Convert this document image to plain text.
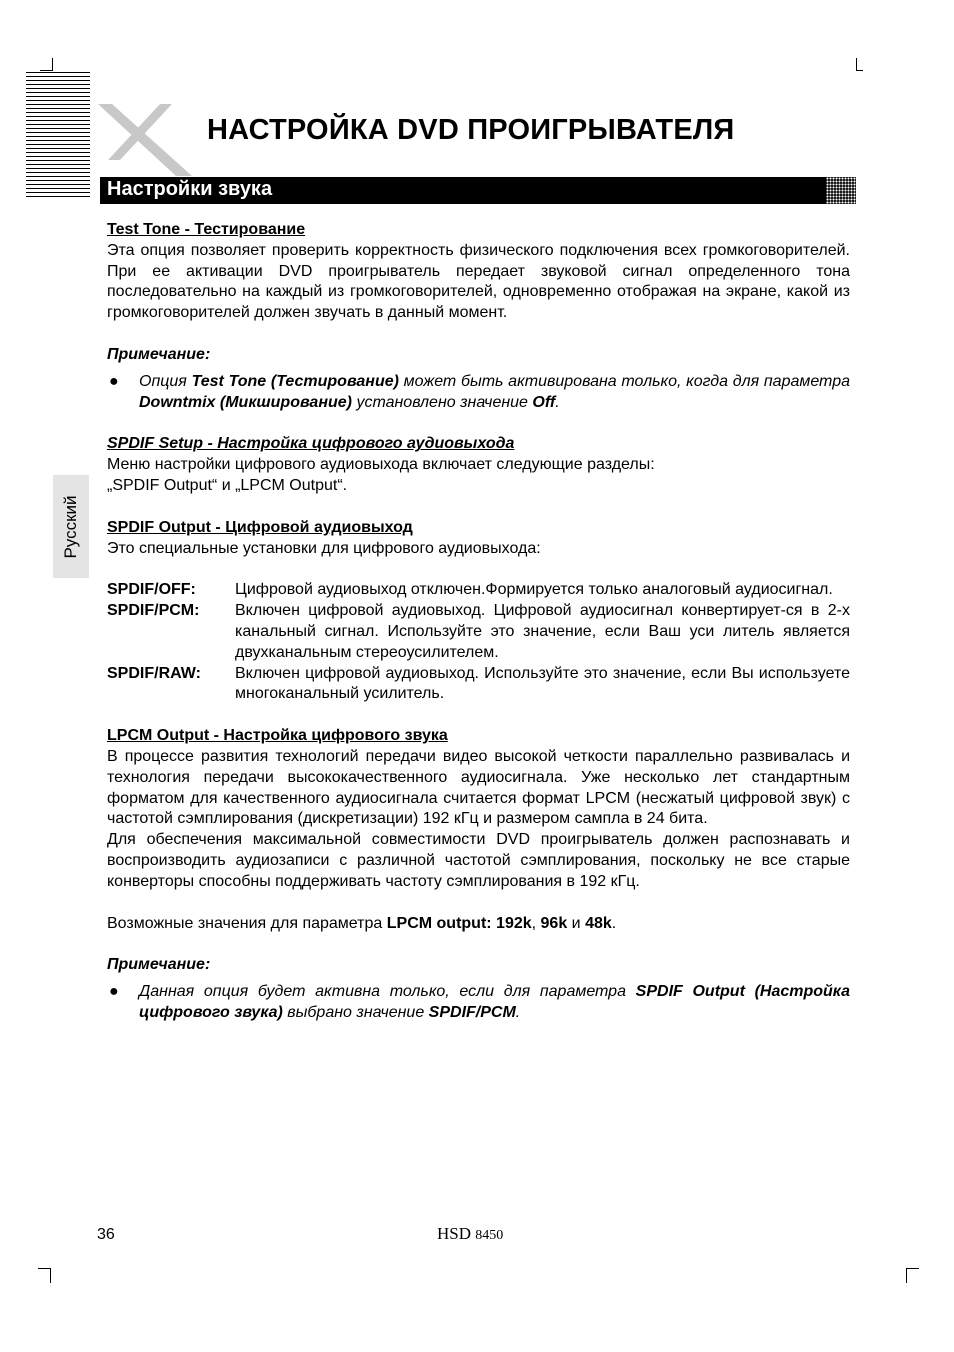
НАСТРОЙКА DVD ПРОИГРЫВАТЕЛЯ
Настройки звука
Русский

Test Tone - Тестирование

Эта опция позволяет проверить корректность физического подключения всех громкоговорителей. При ее активации DVD проигрыватель передает звуковой сигнал определенного тона последовательно на каждый из громкоговорителей, одновременно отображая на экране, какой из громкоговорителей должен звучать в данный момент.

Примечание:

● Опция Test Tone (Тестирование) может быть активирована только, когда для параметра Downtmix (Микширование) установлено значение Off.

SPDIF Setup - Настройка цифрового аудиовыхода

Меню настройки цифрового аудиовыхода включает следующие разделы:

„SPDIF Output“ и „LPCM Output“.

SPDIF Output - Цифровой аудиовыход

Это специальные установки для цифрового аудиовыхода:

SPDIF/OFF:	Цифровой аудиовыход отключен.Формируется только аналоговый аудиосигнал.
SPDIF/PCM:	Включен цифровой аудиовыход. Цифровой аудиосигнал конвертирует-ся в 2-х канальный сигнал. Используйте это значение, если Ваш уси литель является двухканальным стереоусилителем.
SPDIF/RAW:	Включен цифровой аудиовыход. Используйте это значение, если Вы используете многоканальный усилитель.

LPCM Output - Настройка цифрового звука

В процессе развития технологий передачи видео высокой четкости параллельно развивалась и технология передачи высококачественного аудиосигнала. Уже несколько лет стандартным форматом для качественного аудиосигнала считается формат LPCM (несжатый цифровой звук) с частотой сэмплирования (дискретизации) 192 кГц и размером сампла в 24 бита.

Для обеспечения максимальной совместимости DVD проигрыватель должен распознавать и воспроизводить аудиозаписи с различной частотой сэмплирования, поскольку не все старые конверторы способны поддерживать частоту сэмплирования в 192 кГц.

Возможные значения для параметра LPCM output: 192k, 96k и 48k.

Примечание:

● Данная опция будет активна только, если для параметра SPDIF Output (Настройка цифрового звука) выбрано значение SPDIF/PCM.

36	HSD 8450
